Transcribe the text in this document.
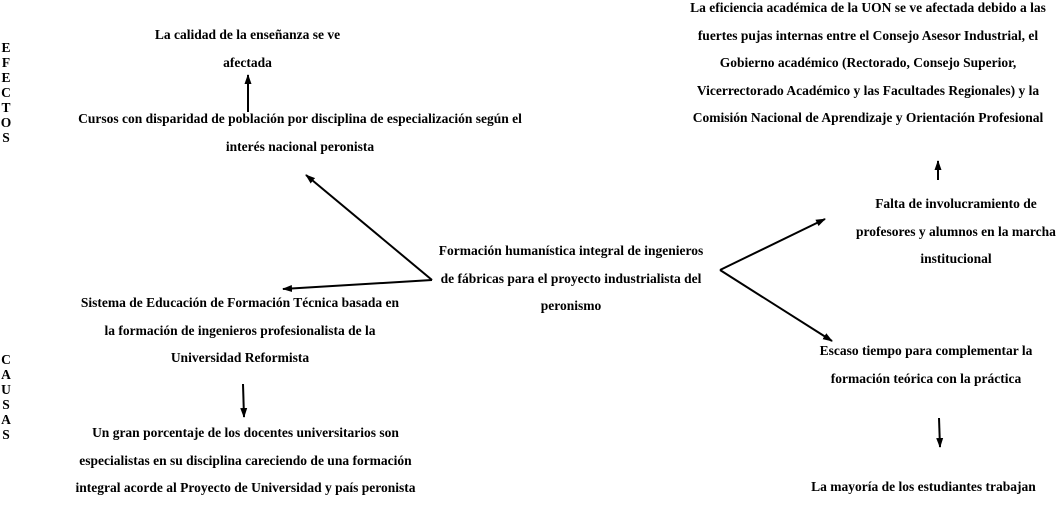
E
F
E
C
T
O
S
C
A
U
S
A
S
La calidad de la enseñanza se ve afectada
Cursos con disparidad de población por disciplina de especialización según el interés nacional peronista
La eficiencia académica de la UON se ve afectada debido a las fuertes pujas internas entre el Consejo Asesor Industrial, el Gobierno académico (Rectorado, Consejo Superior, Vicerrectorado Académico y las Facultades Regionales) y la Comisión Nacional de Aprendizaje y Orientación Profesional
Falta de involucramiento de profesores y alumnos en la marcha institucional
Formación humanística integral de ingenieros de fábricas para el proyecto industrialista del peronismo
Sistema de Educación de Formación Técnica basada en la formación de ingenieros profesionalista de la Universidad Reformista	Escaso tiempo para complementar la formación teórica con la práctica
Un gran porcentaje de los docentes universitarios son especialistas en su disciplina careciendo de una formación integral acorde al Proyecto de Universidad y país peronista	La mayoría de los estudiantes trabajan
